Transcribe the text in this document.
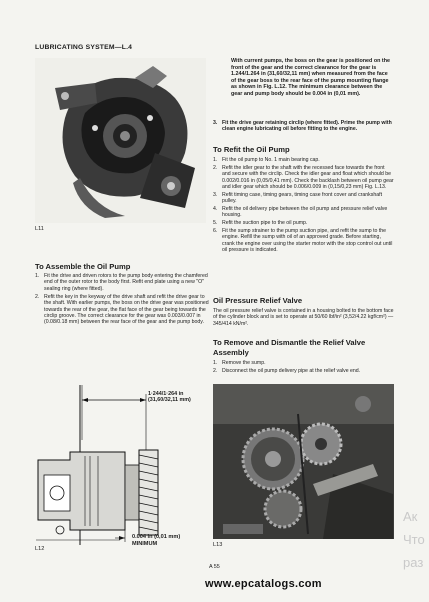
LUBRICATING SYSTEM—L.4
L11
To Assemble the Oil Pump
1. Fit the drive and driven rotors to the pump body entering the chamfered end of the outer rotor to the body first. Refit end plate using a new "O" sealing ring (where fitted).

2. Refit the key in the keyway of the drive shaft and refit the drive gear to the shaft. With earlier pumps, the boss on the drive gear was positioned towards the rear of the gear, the flat face of the gear being towards the circlip groove. The correct clearance for the gear was 0.003/0.007 in (0.08/0.18 mm) between the rear face of the gear and the pump body.

1·244/1·264 in
(31,60/32,11 mm)
0.004 in (0,01 mm)
MINIMUM
L12
With current pumps, the boss on the gear is positioned on the front of the gear and the correct clearance for the gear is 1.244/1.264 in (31,60/32,11 mm) when measured from the face of the gear boss to the rear face of the pump mounting flange as shown in Fig. L.12. The minimum clearance between the gear and pump body should be 0.004 in (0,01 mm).
3. Fit the drive gear retaining circlip (where fitted). Prime the pump with clean engine lubricating oil before fitting to the engine.

To Refit the Oil Pump
1. Fit the oil pump to No. 1 main bearing cap.

2. Refit the idler gear to the shaft with the recessed face towards the front and secure with the circlip. Check the idler gear and float which should be 0.002/0.016 in (0,05/0,41 mm). Check the backlash between oil pump gear and idler gear which should be 0.006/0.009 in (0,15/0,23 mm) Fig. L.13.

3. Refit timing case, timing gears, timing case front cover and crankshaft pulley.

4. Refit the oil delivery pipe between the oil pump and pressure relief valve housing.

5. Refit the suction pipe to the oil pump.

6. Fit the sump strainer to the pump suction pipe, and refit the sump to the engine. Refill the sump with oil of an approved grade. Before starting, crank the engine over using the starter motor with the stop control out until oil pressure is indicated.

Oil Pressure Relief Valve
The oil pressure relief valve is contained in a housing bolted to the bottom face of the cylinder block and is set to operate at 50/60 lbf/in² (3,52/4.22 kgf/cm²) —345/414 kN/m².
To Remove and Dismantle the Relief Valve
Assembly
1. Remove the sump.

2. Disconnect the oil pump delivery pipe at the relief valve end.

L13
A 55
www.epcatalogs.com
Ак
Что
раз
